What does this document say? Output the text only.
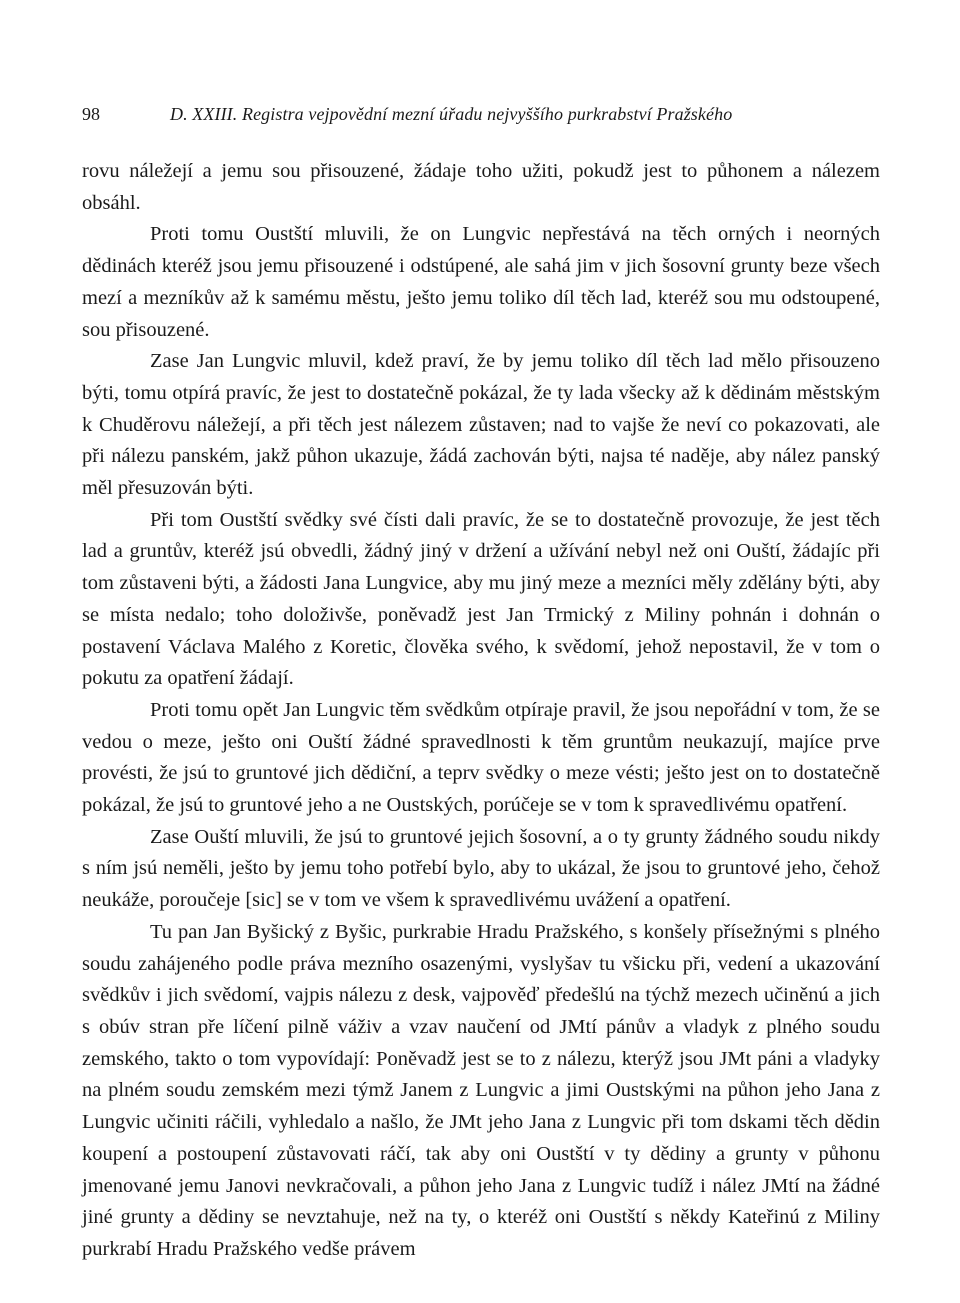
98	D. XXIII. Registra vejpovědní mezní úřadu nejvyššího purkrabství Pražského

rovu náležejí a jemu sou přisouzené, žádaje toho užiti, pokudž jest to půhonem a nálezem obsáhl.

Proti tomu Oustští mluvili, že on Lungvic nepřestává na těch orných i neorných dědinách kteréž jsou jemu přisouzené i odstúpené, ale sahá jim v jich šosovní grunty beze všech mezí a mezníkův až k samému městu, ješto jemu toliko díl těch lad, kteréž sou mu odstoupené, sou přisouzené.

Zase Jan Lungvic mluvil, kdež praví, že by jemu toliko díl těch lad mělo přisouzeno býti, tomu otpírá pravíc, že jest to dostatečně pokázal, že ty lada všecky až k dědinám městským k Chuděrovu náležejí, a při těch jest nálezem zůstaven; nad to vajše že neví co pokazovati, ale při nálezu panském, jakž půhon ukazuje, žádá zachován býti, najsa té naděje, aby nález panský měl přesuzován býti.

Při tom Oustští svědky své čísti dali pravíc, že se to dostatečně provozuje, že jest těch lad a gruntův, kteréž jsú obvedli, žádný jiný v držení a užívání nebyl než oni Ouští, žádajíc při tom zůstaveni býti, a žádosti Jana Lungvice, aby mu jiný meze a mezníci měly zdělány býti, aby se místa nedalo; toho doloživše, poněvadž jest Jan Trmický z Miliny pohnán i dohnán o postavení Václava Malého z Koretic, člověka svého, k svědomí, jehož nepostavil, že v tom o pokutu za opatření žádají.

Proti tomu opět Jan Lungvic těm svědkům otpíraje pravil, že jsou nepořádní v tom, že se vedou o meze, ješto oni Ouští žádné spravedlnosti k těm gruntům neukazují, majíce prve provésti, že jsú to gruntové jich dědiční, a teprv svědky o meze vésti; ješto jest on to dostatečně pokázal, že jsú to gruntové jeho a ne Oustských, porúčeje se v tom k spravedlivému opatření.

Zase Ouští mluvili, že jsú to gruntové jejich šosovní, a o ty grunty žádného soudu nikdy s ním jsú neměli, ješto by jemu toho potřebí bylo, aby to ukázal, že jsou to gruntové jeho, čehož neukáže, poroučeje [sic] se v tom ve všem k spravedlivému uvážení a opatření.

Tu pan Jan Byšický z Byšic, purkrabie Hradu Pražského, s konšely přísežnými s plného soudu zahájeného podle práva mezního osazenými, vyslyšav tu všicku při, vedení a ukazování svědkův i jich svědomí, vajpis nálezu z desk, vajpověď předešlú na týchž mezech učiněnú a jich s obúv stran pře líčení pilně váživ a vzav naučení od JMtí pánův a vladyk z plného soudu zemského, takto o tom vypovídají: Poněvadž jest se to z nálezu, kterýž jsou JMt páni a vladyky na plném soudu zemském mezi týmž Janem z Lungvic a jimi Oustskými na půhon jeho Jana z Lungvic učiniti ráčili, vyhledalo a našlo, že JMt jeho Jana z Lungvic při tom dskami těch dědin koupení a postoupení zůstavovati ráčí, tak aby oni Oustští v ty dědiny a grunty v půhonu jmenované jemu Janovi nevkračovali, a půhon jeho Jana z Lungvic tudíž i nález JMtí na žádné jiné grunty a dědiny se nevztahuje, než na ty, o kteréž oni Oustští s někdy Kateřinú z Miliny purkrabí Hradu Pražského vedše právem
